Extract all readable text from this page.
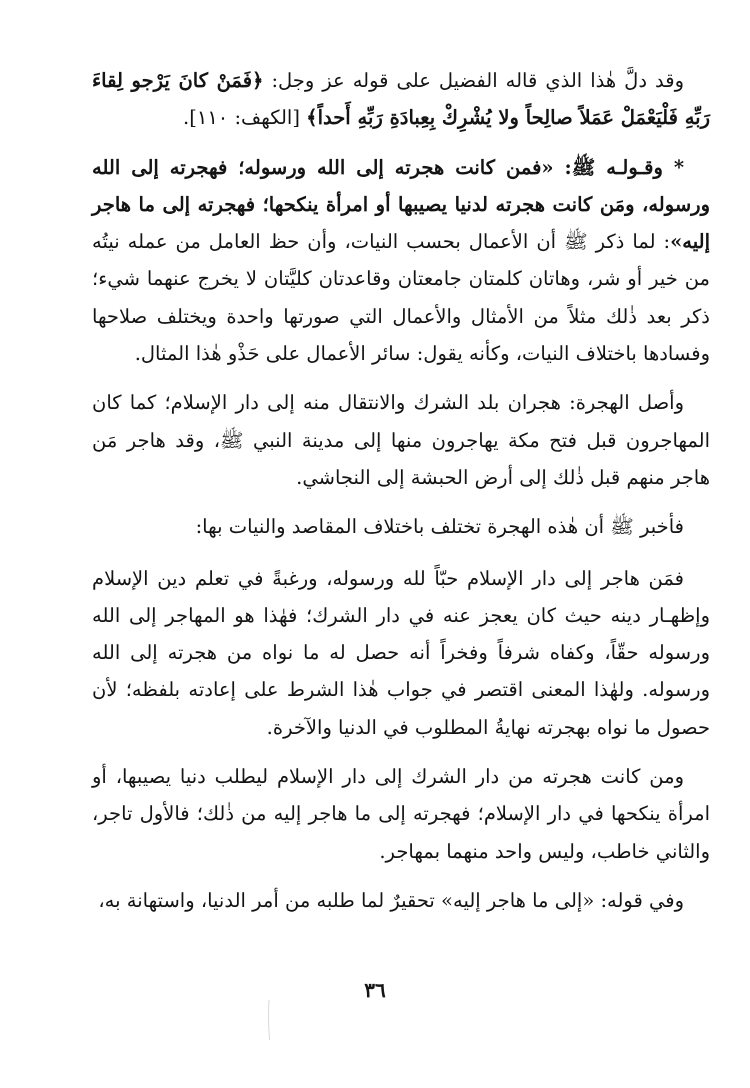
وقد دلَّ هٰذا الذي قاله الفضيل على قوله عز وجل: ﴿فَمَنْ كانَ يَرْجو لِقاءَ رَبِّهِ فَلْيَعْمَلْ عَمَلاً صالِحاً ولا يُشْرِكْ بِعِبادَةِ رَبِّهِ أَحداً﴾ [الكهف: ١١٠].

* وقـولـه ﷺ: «فمن كانت هجرته إلى الله ورسوله؛ فهجرته إلى الله ورسوله، ومَن كانت هجرته لدنيا يصيبها أو امرأة ينكحها؛ فهجرته إلى ما هاجر إليه»: لما ذكر ﷺ أن الأعمال بحسب النيات، وأن حظ العامل من عمله نيتُه من خير أو شر، وهاتان كلمتان جامعتان وقاعدتان كليَّتان لا يخرج عنهما شيء؛ ذكر بعد ذٰلك مثلاً من الأمثال والأعمال التي صورتها واحدة ويختلف صلاحها وفسادها باختلاف النيات، وكأنه يقول: سائر الأعمال على حَذْو هٰذا المثال.

وأصل الهجرة: هجران بلد الشرك والانتقال منه إلى دار الإسلام؛ كما كان المهاجرون قبل فتح مكة يهاجرون منها إلى مدينة النبي ﷺ، وقد هاجر مَن هاجر منهم قبل ذٰلك إلى أرض الحبشة إلى النجاشي.

فأخبر ﷺ أن هٰذه الهجرة تختلف باختلاف المقاصد والنيات بها:

فمَن هاجر إلى دار الإسلام حبّاً لله ورسوله، ورغبةً في تعلم دين الإسلام وإظهـار دينه حيث كان يعجز عنه في دار الشرك؛ فهٰذا هو المهاجر إلى الله ورسوله حقّاً، وكفاه شرفاً وفخراً أنه حصل له ما نواه من هجرته إلى الله ورسوله. ولهٰذا المعنى اقتصر في جواب هٰذا الشرط على إعادته بلفظه؛ لأن حصول ما نواه بهجرته نهايةُ المطلوب في الدنيا والآخرة.

ومن كانت هجرته من دار الشرك إلى دار الإسلام ليطلب دنيا يصيبها، أو امرأة ينكحها في دار الإسلام؛ فهجرته إلى ما هاجر إليه من ذٰلك؛ فالأول تاجر، والثاني خاطب، وليس واحد منهما بمهاجر.

وفي قوله: «إلى ما هاجر إليه» تحقيرٌ لما طلبه من أمر الدنيا، واستهانة به،

٣٦
